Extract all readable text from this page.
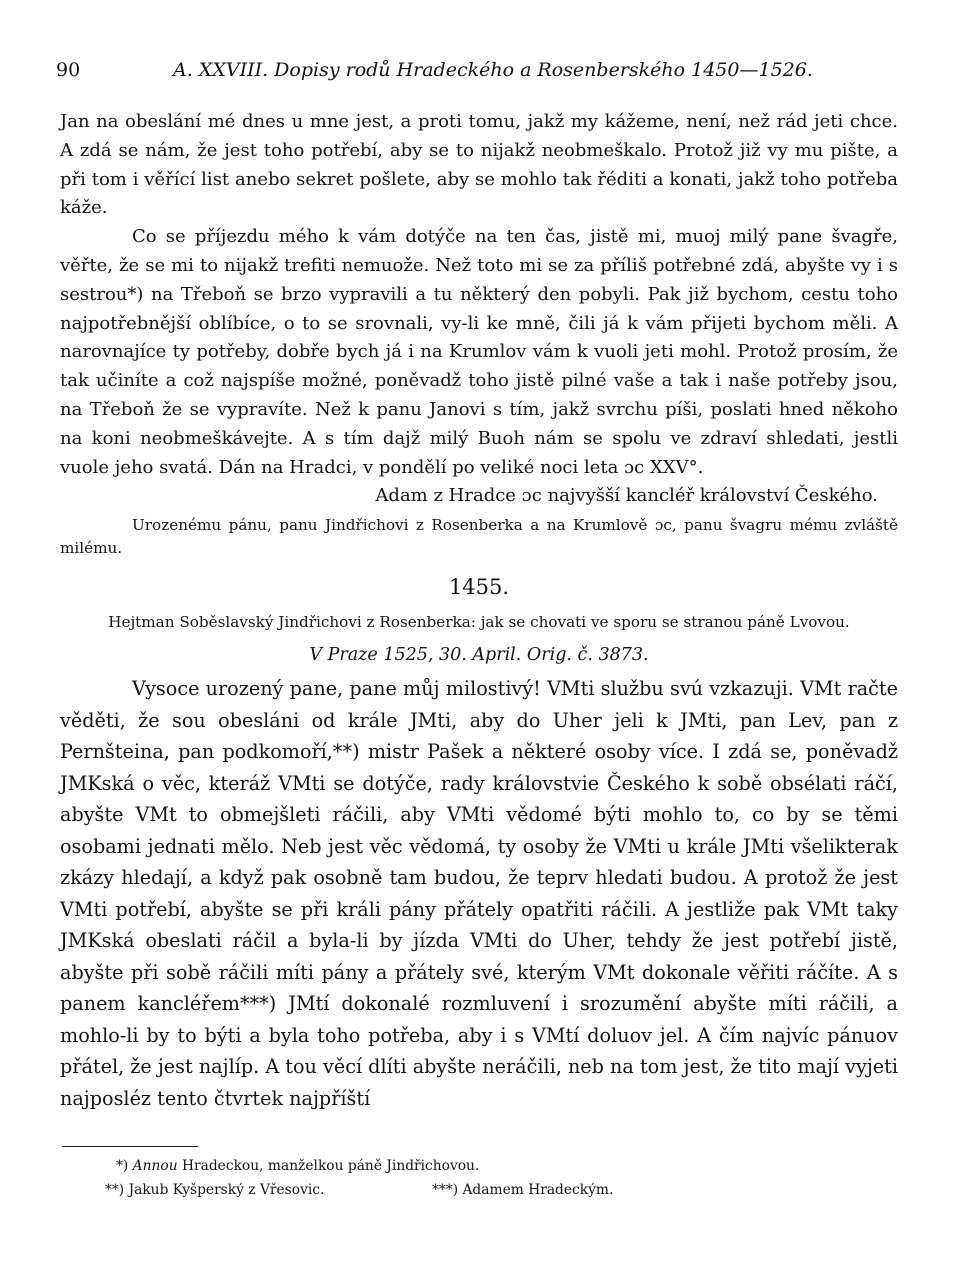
90	A. XXVIII. Dopisy rodů Hradeckého a Rosenberského 1450—1526.

Jan na obeslání mé dnes u mne jest, a proti tomu, jakž my kážeme, není, než rád jeti chce. A zdá se nám, že jest toho potřebí, aby se to nijakž neobmeškalo. Protož již vy mu pište, a při tom i věřící list anebo sekret pošlete, aby se mohlo tak řéditi a konati, jakž toho potřeba káže.

Co se příjezdu mého k vám dotýče na ten čas, jistě mi, muoj milý pane švagře, věřte, že se mi to nijakž trefiti nemuože. Než toto mi se za příliš potřebné zdá, abyšte vy i s sestrou*) na Třeboň se brzo vypravili a tu některý den pobyli. Pak již bychom, cestu toho najpotřebnější oblíbíce, o to se srovnali, vy-li ke mně, čili já k vám přijeti bychom měli. A narovnajíce ty potřeby, dobře bych já i na Krumlov vám k vuoli jeti mohl. Protož prosím, že tak učiníte a což najspíše možné, poněvadž toho jistě pilné vaše a tak i naše potřeby jsou, na Třeboň že se vypravíte. Než k panu Janovi s tím, jakž svrchu píši, poslati hned někoho na koni neobmeškávejte. A s tím dajž milý Buoh nám se spolu ve zdraví shledati, jestli vuole jeho svatá. Dán na Hradci, v pondělí po veliké noci leta ɔc XXV°.

Adam z Hradce ɔc najvyšší kancléř království Českého.

Urozenému pánu, panu Jindřichovi z Rosenberka a na Krumlově ɔc, panu švagru mému zvláště milému.

1455.

Hejtman Soběslavský Jindřichovi z Rosenberka: jak se chovati ve sporu se stranou páně Lvovou.

V Praze 1525, 30. April. Orig. č. 3873.

Vysoce urozený pane, pane můj milostivý! VMti službu svú vzkazuji. VMt račte věděti, že sou obesláni od krále JMti, aby do Uher jeli k JMti, pan Lev, pan z Pernšteina, pan podkomoří,**) mistr Pašek a některé osoby více. I zdá se, poněvadž JMKská o věc, kteráž VMti se dotýče, rady královstvie Českého k sobě obsélati ráčí, abyšte VMt to obmejšleti ráčili, aby VMti vědomé býti mohlo to, co by se těmi osobami jednati mělo. Neb jest věc vědomá, ty osoby že VMti u krále JMti všelikterak zkázy hledají, a když pak osobně tam budou, že teprv hledati budou. A protož že jest VMti potřebí, abyšte se při králi pány přátely opatřiti ráčili. A jestliže pak VMt taky JMKská obeslati ráčil a byla-li by jízda VMti do Uher, tehdy že jest potřebí jistě, abyšte při sobě ráčili míti pány a přátely své, kterým VMt dokonale věřiti ráčíte. A s panem kancléřem***) JMtí dokonalé rozmluvení i srozumění abyšte míti ráčili, a mohlo-li by to býti a byla toho potřeba, aby i s VMtí doluov jel. A čím najvíc pánuov přátel, že jest najlíp. A tou věcí dlíti abyšte neráčili, neb na tom jest, že tito mají vyjeti najposléz tento čtvrtek najpříští

*) Annou Hradeckou, manželkou páně Jindřichovou.
**) Jakub Kyšperský z Vřesovic.	***) Adamem Hradeckým.
